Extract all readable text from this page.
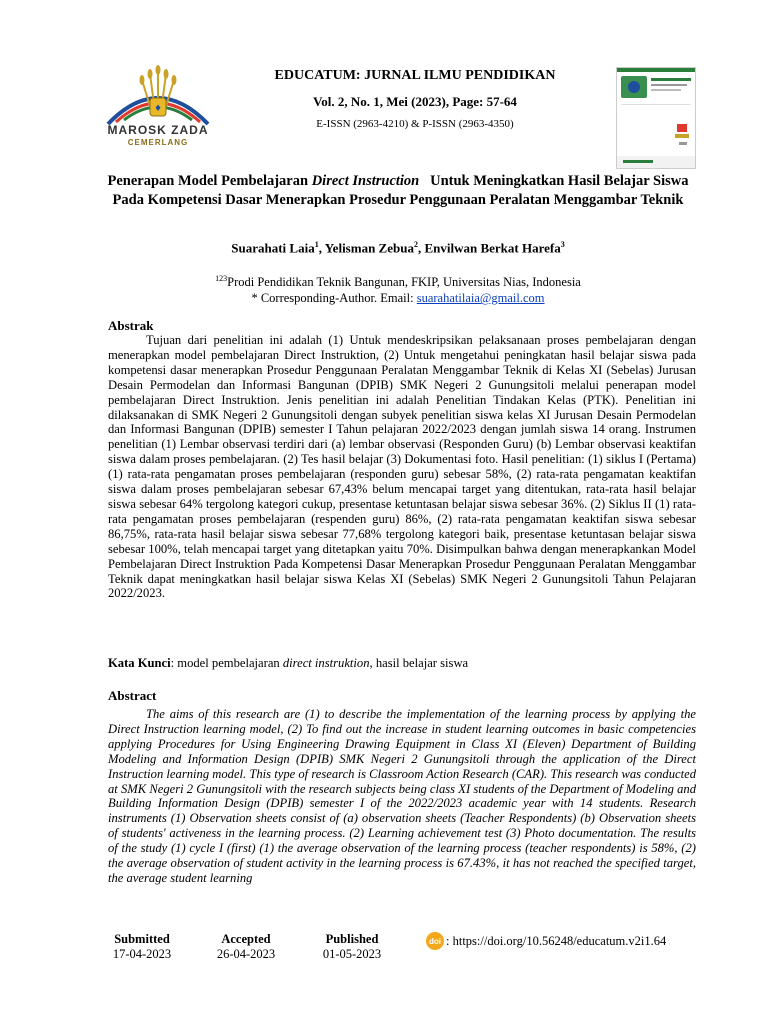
♦
MAROSK ZADA
CEMERLANG
EDUCATUM: JURNAL ILMU PENDIDIKAN
Vol. 2, No. 1, Mei (2023), Page: 57-64
E-ISSN (2963-4210) & P-ISSN (2963-4350)
Penerapan Model Pembelajaran Direct Instruction   Untuk Meningkatkan Hasil Belajar Siswa Pada Kompetensi Dasar Menerapkan Prosedur Penggunaan Peralatan Menggambar Teknik
Suarahati Laia$^1$, Yelisman Zebua$^2$, Envilwan Berkat Harefa$^3$
$^{123}$Prodi Pendidikan Teknik Bangunan, FKIP, Universitas Nias, Indonesia
* Corresponding-Author. Email: suarahatilaia@gmail.com
Abstrak

Tujuan dari penelitian ini adalah (1) Untuk mendeskripsikan pelaksanaan proses pembelajaran dengan menerapkan model pembelajaran Direct Instruktion, (2) Untuk mengetahui peningkatan hasil belajar siswa pada kompetensi dasar menerapkan Prosedur Penggunaan Peralatan Menggambar Teknik di Kelas XI (Sebelas) Jurusan Desain Permodelan dan Informasi Bangunan (DPIB) SMK Negeri 2 Gunungsitoli melalui penerapan model pembelajaran Direct Instruktion. Jenis penelitian ini adalah Penelitian Tindakan Kelas (PTK). Penelitian ini dilaksanakan di SMK Negeri 2 Gunungsitoli dengan subyek penelitian siswa kelas XI Jurusan Desain Permodelan dan Informasi Bangunan (DPIB) semester I Tahun pelajaran 2022/2023 dengan jumlah siswa 14 orang. Instrumen penelitian (1) Lembar observasi terdiri dari (a) lembar observasi (Responden Guru) (b) Lembar observasi keaktifan siswa dalam proses pembelajaran. (2) Tes hasil belajar (3) Dokumentasi foto. Hasil penelitian: (1) siklus I (Pertama) (1) rata-rata pengamatan proses pembelajaran (responden guru) sebesar 58%, (2) rata-rata pengamatan keaktifan siswa dalam proses pembelajaran sebesar 67,43% belum mencapai target yang ditentukan, rata-rata hasil belajar siswa sebesar 64% tergolong kategori cukup, presentase ketuntasan belajar siswa sebesar 36%. (2) Siklus II (1) rata-rata pengamatan proses pembelajaran (respenden guru) 86%, (2) rata-rata pengamatan keaktifan siswa sebesar 86,75%, rata-rata hasil belajar siswa sebesar 77,68% tergolong kategori baik, presentase ketuntasan belajar siswa sebesar 100%, telah mencapai target yang ditetapkan yaitu 70%. Disimpulkan bahwa dengan menerapkankan Model Pembelajaran Direct Instruktion Pada Kompetensi Dasar Menerapkan Prosedur Penggunaan Peralatan Menggambar Teknik dapat meningkatkan hasil belajar siswa Kelas XI (Sebelas) SMK Negeri 2 Gunungsitoli Tahun Pelajaran 2022/2023.

Kata Kunci: model pembelajaran direct instruktion, hasil belajar siswa
Abstract

The aims of this research are (1) to describe the implementation of the learning process by applying the Direct Instruction learning model, (2) To find out the increase in student learning outcomes in basic competencies applying Procedures for Using Engineering Drawing Equipment in Class XI (Eleven) Department of Building Modeling and Information Design (DPIB) SMK Negeri 2 Gunungsitoli through the application of the Direct Instruction learning model. This type of research is Classroom Action Research (CAR). This research was conducted at SMK Negeri 2 Gunungsitoli with the research subjects being class XI students of the Department of Modeling and Building Information Design (DPIB) semester I of the 2022/2023 academic year with 14 students. Research instruments (1) Observation sheets consist of (a) observation sheets (Teacher Respondents) (b) Observation sheets of students' activeness in the learning process. (2) Learning achievement test (3) Photo documentation. The results of the study (1) cycle I (first) (1) the average observation of the learning process (teacher respondents) is 58%, (2) the average observation of student activity in the learning process is 67.43%, it has not reached the specified target, the average student learning

Submitted
17-04-2023
Accepted
26-04-2023
Published
01-05-2023
doi : https://doi.org/10.56248/educatum.v2i1.64
